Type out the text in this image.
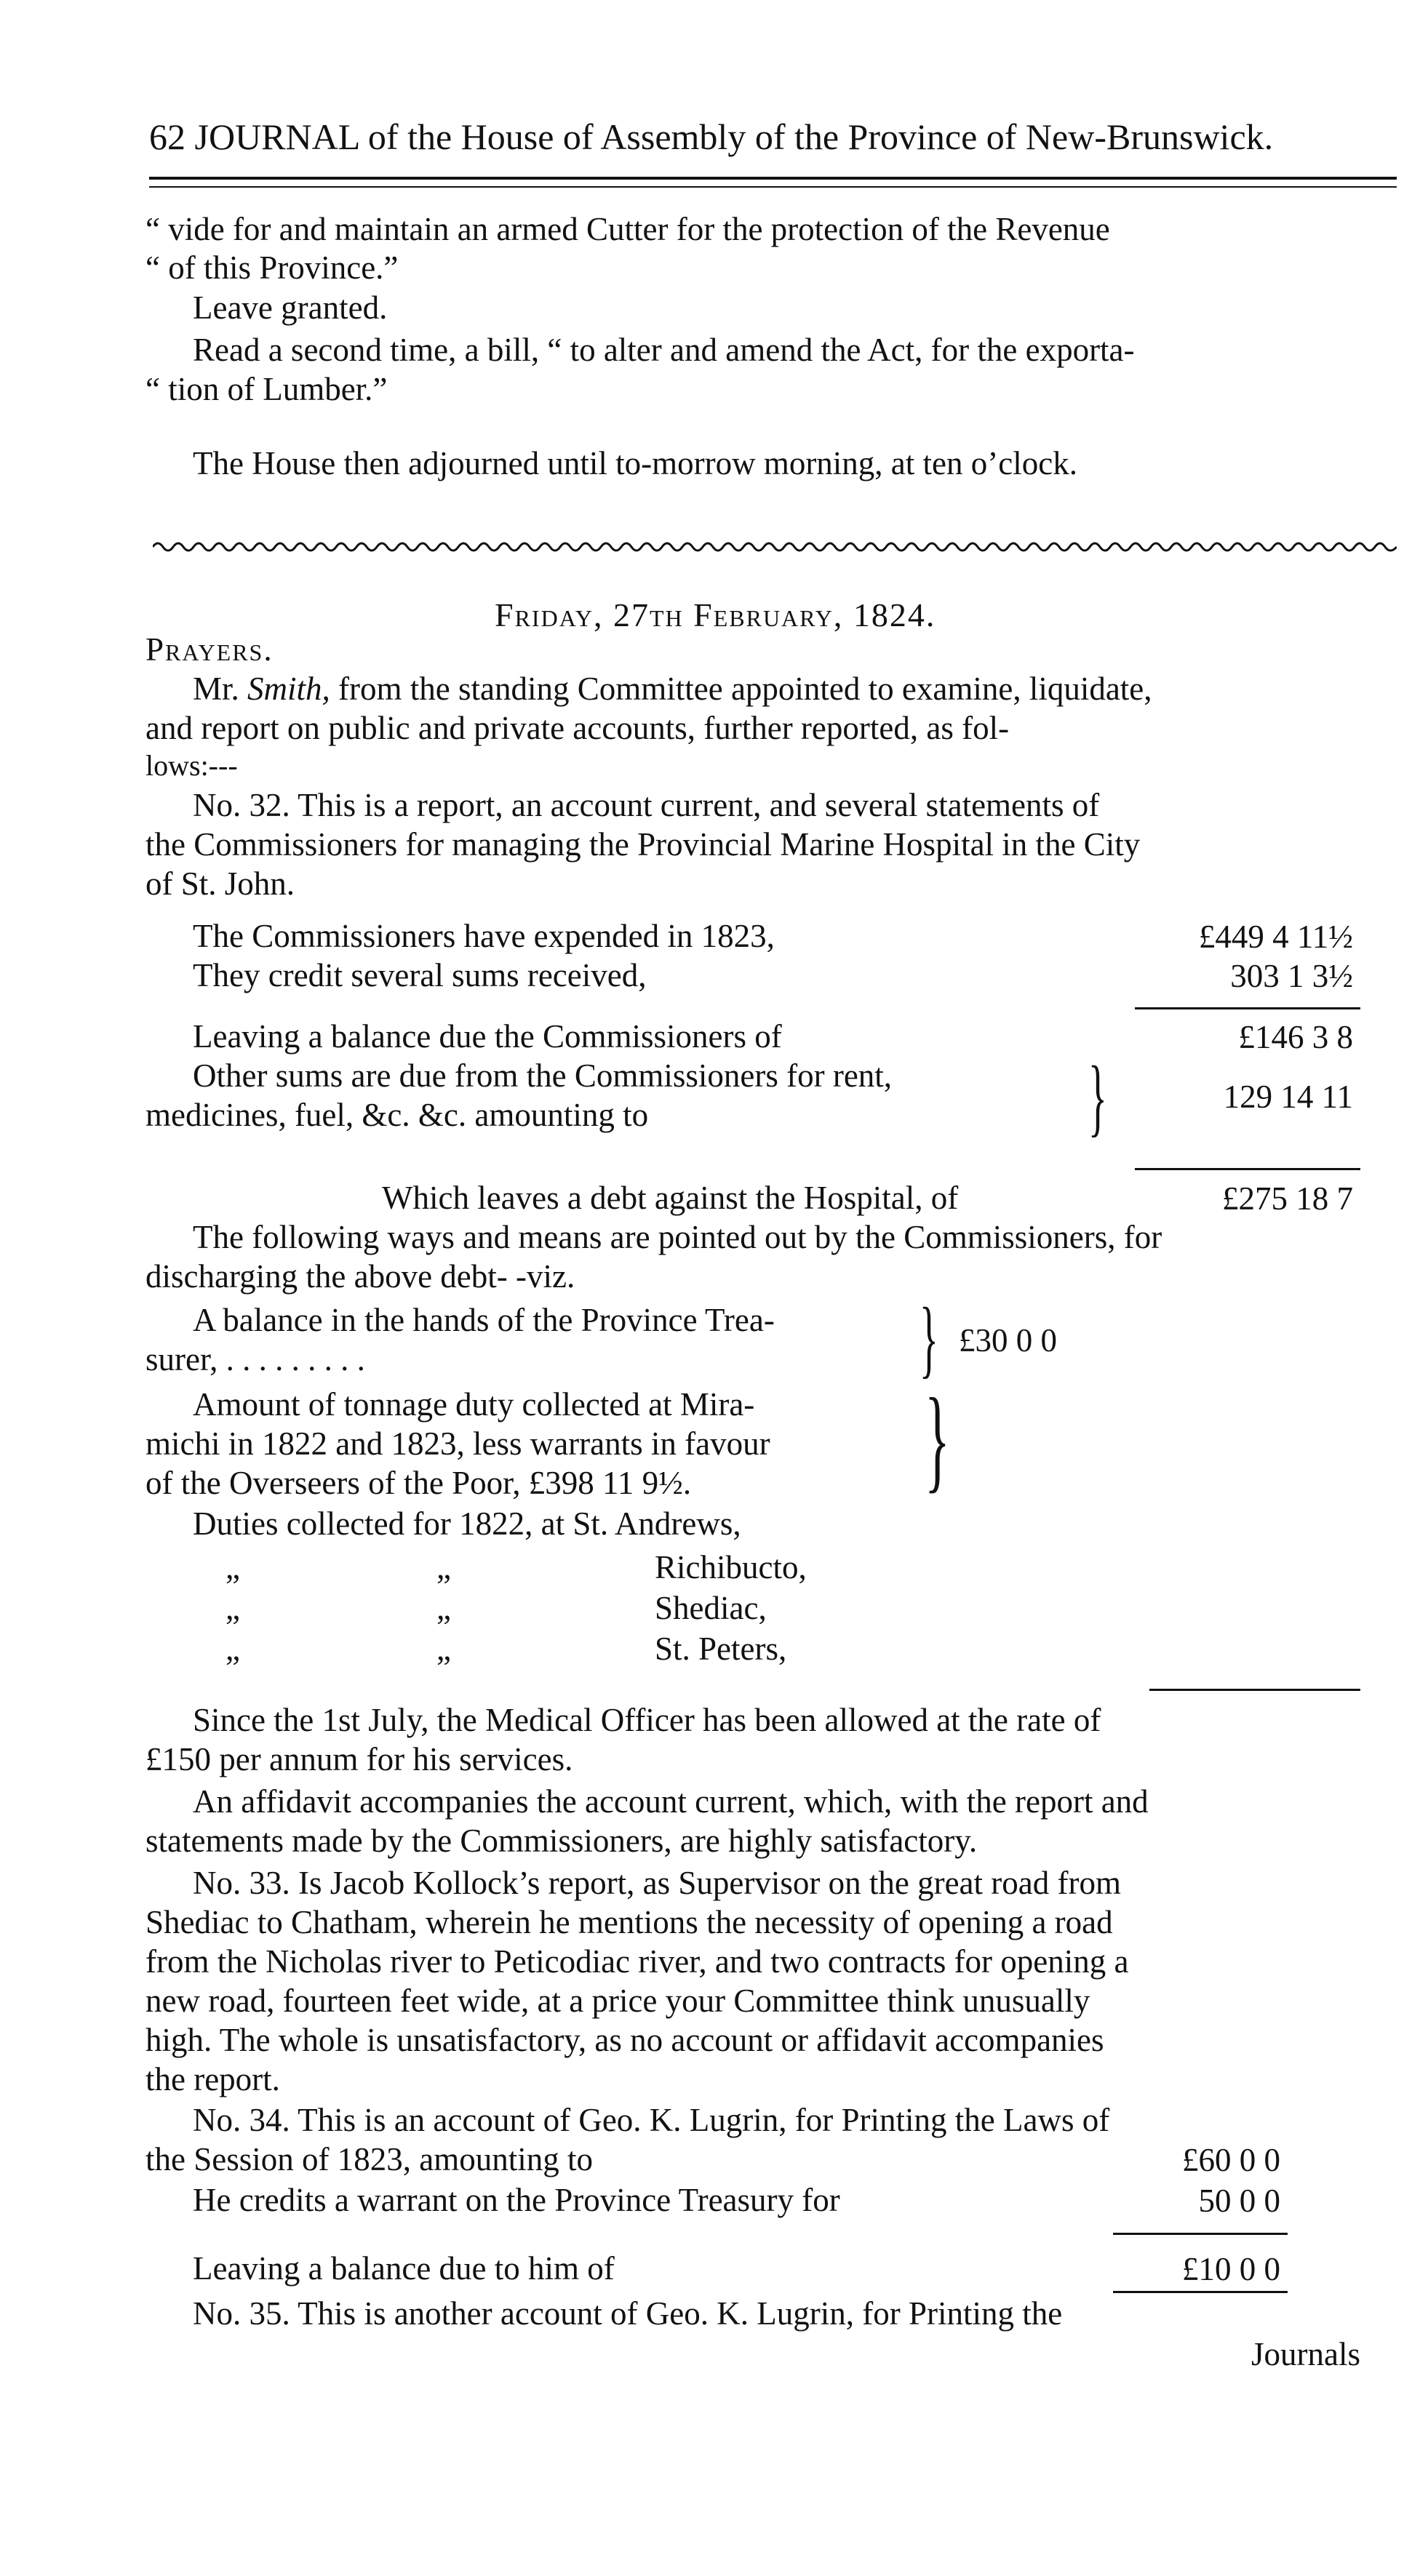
62 JOURNAL of the House of Assembly of the Province of New-Brunswick.
“ vide for and maintain an armed Cutter for the protection of the Revenue
“ of this Province.”
Leave granted.
Read a second time, a bill, “ to alter and amend the Act, for the exporta-
“ tion of Lumber.”
The House then adjourned until to-morrow morning, at ten o’clock.
Friday, 27th February, 1824.
Prayers.
Mr. Smith, from the standing Committee appointed to examine, liquidate,
and report on public and private accounts, further reported, as fol-
lows:---
No. 32. This is a report, an account current, and several statements of
the Commissioners for managing the Provincial Marine Hospital in the City
of St. John.
The Commissioners have expended in 1823,	£449 4 11½
They credit several sums received,	303 1 3½
Leaving a balance due the Commissioners of	£146 3 8
Other sums are due from the Commissioners for rent,
medicines, fuel, &c. &c. amounting to	}	129 14 11
Which leaves a debt against the Hospital, of	£275 18 7
The following ways and means are pointed out by the Commissioners, for
discharging the above debt- -viz.
A balance in the hands of the Province Trea-
surer, . . . . . . . . .	} £30 0 0
Amount of tonnage duty collected at Mira-
michi in 1822 and 1823, less warrants in favour
of the Overseers of the Poor, £398 11 9½. }
Duties collected for 1822, at St. Andrews,
„	„	Richibucto,
„	„	Shediac,
„	„	St. Peters,
Since the 1st July, the Medical Officer has been allowed at the rate of
£150 per annum for his services.
An affidavit accompanies the account current, which, with the report and
statements made by the Commissioners, are highly satisfactory.
No. 33. Is Jacob Kollock’s report, as Supervisor on the great road from
Shediac to Chatham, wherein he mentions the necessity of opening a road
from the Nicholas river to Peticodiac river, and two contracts for opening a
new road, fourteen feet wide, at a price your Committee think unusually
high. The whole is unsatisfactory, as no account or affidavit accompanies
the report.
No. 34. This is an account of Geo. K. Lugrin, for Printing the Laws of
the Session of 1823, amounting to	£60 0 0
He credits a warrant on the Province Treasury for	50 0 0
Leaving a balance due to him of	£10 0 0
No. 35. This is another account of Geo. K. Lugrin, for Printing the
Journals
